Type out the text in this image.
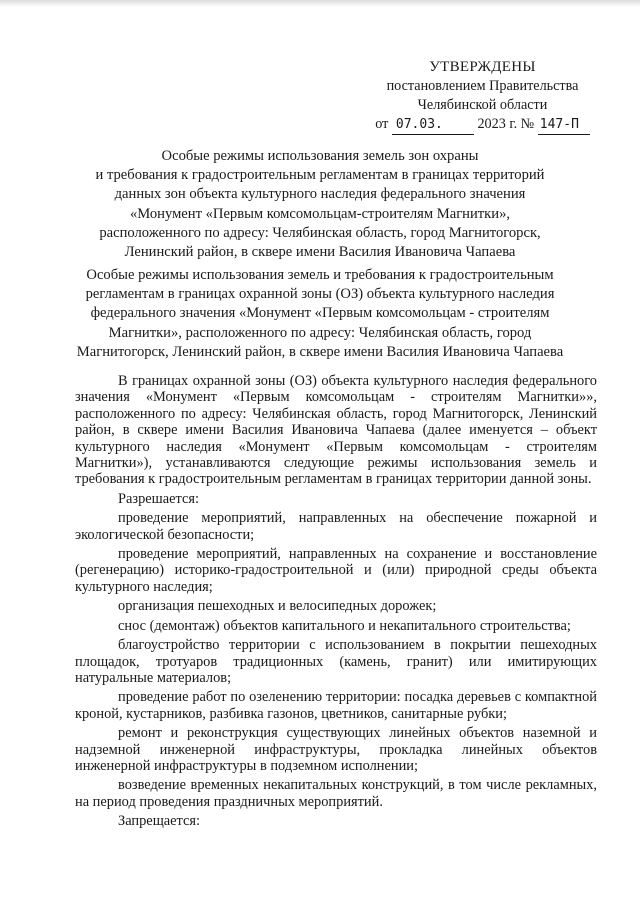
УТВЕРЖДЕНЫ
постановлением Правительства
Челябинской области
от 07.03. 2023 г. № 147-П
Особые режимы использования земель зон охраны
и требования к градостроительным регламентам в границах территорий
данных зон объекта культурного наследия федерального значения
«Монумент «Первым комсомольцам-строителям Магнитки»,
расположенного по адресу: Челябинская область, город Магнитогорск,
Ленинский район, в сквере имени Василия Ивановича Чапаева
Особые режимы использования земель и требования к градостроительным
регламентам в границах охранной зоны (ОЗ) объекта культурного наследия
федерального значения «Монумент «Первым комсомольцам - строителям
Магнитки», расположенного по адресу: Челябинская область, город
Магнитогорск, Ленинский район, в сквере имени Василия Ивановича Чапаева
В границах охранной зоны (ОЗ) объекта культурного наследия федерального значения «Монумент «Первым комсомольцам - строителям Магнитки»», расположенного по адресу: Челябинская область, город Магнитогорск, Ленинский район, в сквере имени Василия Ивановича Чапаева (далее именуется – объект культурного наследия «Монумент «Первым комсомольцам - строителям Магнитки»), устанавливаются следующие режимы использования земель и требования к градостроительным регламентам в границах территории данной зоны.
Разрешается:
проведение мероприятий, направленных на обеспечение пожарной и экологической безопасности;
проведение мероприятий, направленных на сохранение и восстановление (регенерацию) историко-градостроительной и (или) природной среды объекта культурного наследия;
организация пешеходных и велосипедных дорожек;
снос (демонтаж) объектов капитального и некапитального строительства;
благоустройство территории с использованием в покрытии пешеходных площадок, тротуаров традиционных (камень, гранит) или имитирующих натуральные материалов;
проведение работ по озеленению территории: посадка деревьев с компактной кроной, кустарников, разбивка газонов, цветников, санитарные рубки;
ремонт и реконструкция существующих линейных объектов наземной и надземной инженерной инфраструктуры, прокладка линейных объектов инженерной инфраструктуры в подземном исполнении;
возведение временных некапитальных конструкций, в том числе рекламных, на период проведения праздничных мероприятий.
Запрещается:
